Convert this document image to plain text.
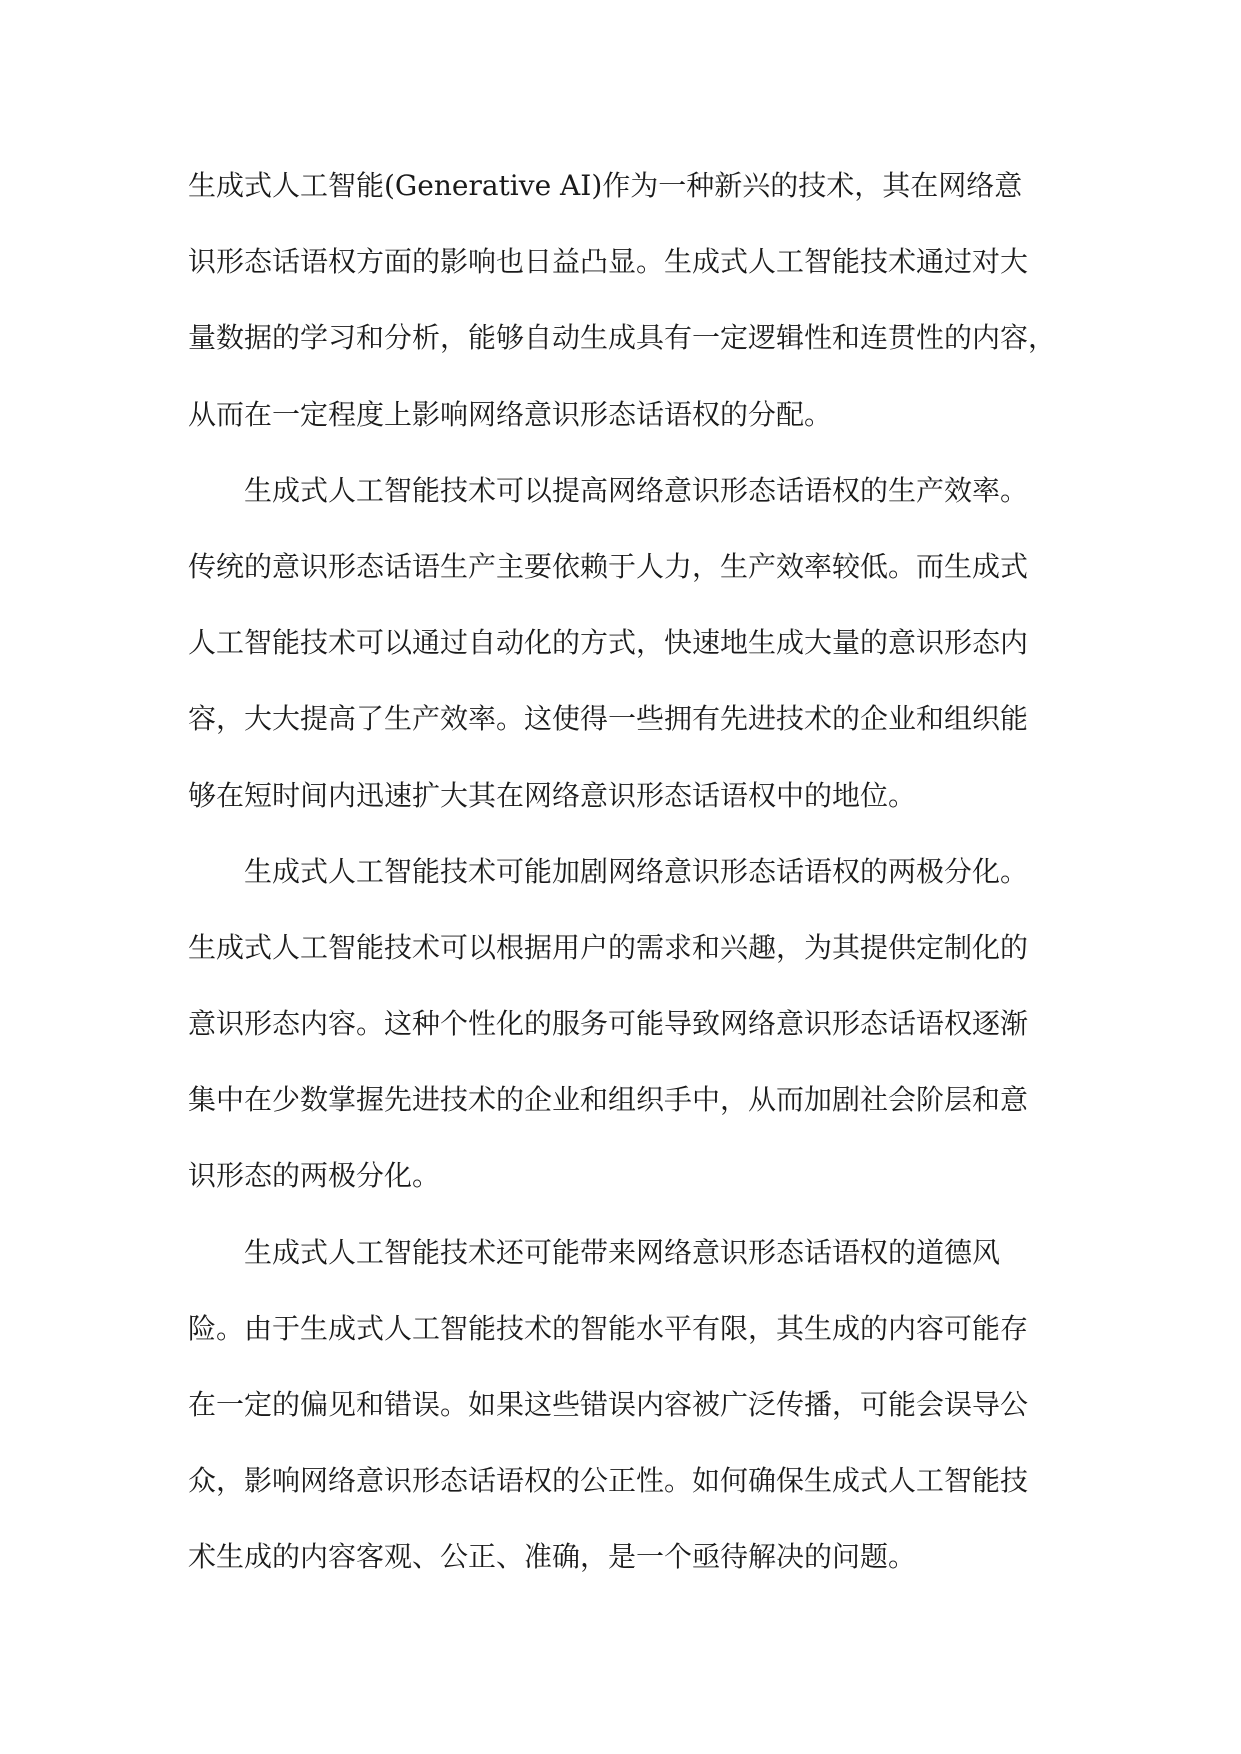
生成式人工智能(Generative AI)作为一种新兴的技术，其在网络意
识形态话语权方面的影响也日益凸显。生成式人工智能技术通过对大
量数据的学习和分析，能够自动生成具有一定逻辑性和连贯性的内容，
从而在一定程度上影响网络意识形态话语权的分配。
生成式人工智能技术可以提高网络意识形态话语权的生产效率。
传统的意识形态话语生产主要依赖于人力，生产效率较低。而生成式
人工智能技术可以通过自动化的方式，快速地生成大量的意识形态内
容，大大提高了生产效率。这使得一些拥有先进技术的企业和组织能
够在短时间内迅速扩大其在网络意识形态话语权中的地位。
生成式人工智能技术可能加剧网络意识形态话语权的两极分化。
生成式人工智能技术可以根据用户的需求和兴趣，为其提供定制化的
意识形态内容。这种个性化的服务可能导致网络意识形态话语权逐渐
集中在少数掌握先进技术的企业和组织手中，从而加剧社会阶层和意
识形态的两极分化。
生成式人工智能技术还可能带来网络意识形态话语权的道德风
险。由于生成式人工智能技术的智能水平有限，其生成的内容可能存
在一定的偏见和错误。如果这些错误内容被广泛传播，可能会误导公
众，影响网络意识形态话语权的公正性。如何确保生成式人工智能技
术生成的内容客观、公正、准确，是一个亟待解决的问题。
